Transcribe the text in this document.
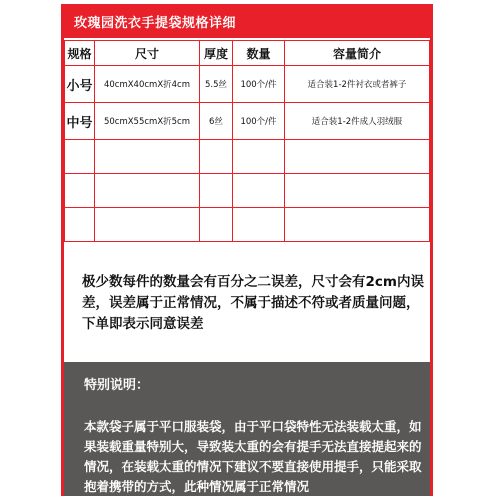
玫瑰园洗衣手提袋规格详细
规格	尺寸	厚度	数量	容量简介
小号	40cmX40cmX折4cm	5.5丝	100个/件	适合装1-2件衬衣或者裤子
中号	50cmX55cmX折5cm	6丝	100个/件	适合装1-2件成人羽绒服

极少数每件的数量会有百分之二误差，尺寸会有2cm内误差，误差属于正常情况，不属于描述不符或者质量问题，下单即表示同意误差
特别说明：
本款袋子属于平口服装袋，由于平口袋特性无法装载太重，如果装载重量特别大，导致装太重的会有提手无法直接提起来的情况，在装载太重的情况下建议不要直接使用提手，只能采取抱着携带的方式，此种情况属于正常情况
